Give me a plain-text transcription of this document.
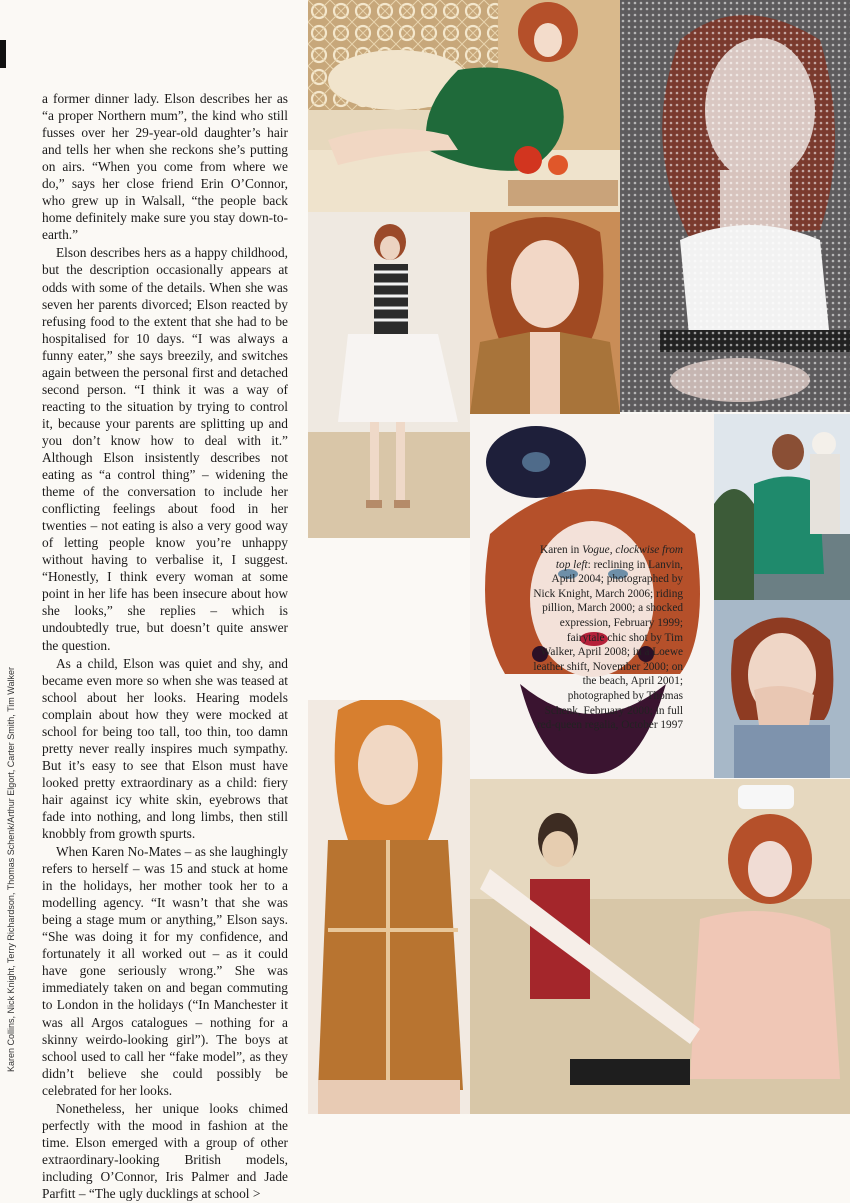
a former dinner lady. Elson describes her as “a proper Northern mum”, the kind who still fusses over her 29-year-old daughter’s hair and tells her when she reckons she’s putting on airs. “When you come from where we do,” says her close friend Erin O’Connor, who grew up in Walsall, “the people back home definitely make sure you stay down-to-earth.”

Elson describes hers as a happy childhood, but the description occasionally appears at odds with some of the details. When she was seven her parents divorced; Elson reacted by refusing food to the extent that she had to be hospitalised for 10 days. “I was always a funny eater,” she says breezily, and switches again between the personal first and detached second person. “I think it was a way of reacting to the situation by trying to control it, because your parents are splitting up and you don’t know how to deal with it.” Although Elson insistently describes not eating as “a control thing” – widening the theme of the conversation to include her conflicting feelings about food in her twenties – not eating is also a very good way of letting people know you’re unhappy without having to verbalise it, I suggest. “Honestly, I think every woman at some point in her life has been insecure about how she looks,” she replies – which is undoubtedly true, but doesn’t quite answer the question.

As a child, Elson was quiet and shy, and became even more so when she was teased at school about her looks. Hearing models complain about how they were mocked at school for being too tall, too thin, too damn pretty never really inspires much sympathy. But it’s easy to see that Elson must have looked pretty extraordinary as a child: fiery hair against icy white skin, eyebrows that fade into nothing, and long limbs, then still knobbly from growth spurts.

When Karen No-Mates – as she laughingly refers to herself – was 15 and stuck at home in the holidays, her mother took her to a modelling agency. “It wasn’t that she was being a stage mum or anything,” Elson says. “She was doing it for my confidence, and fortunately it all worked out – as it could have gone seriously wrong.” She was immediately taken on and began commuting to London in the holidays (“In Manchester it was all Argos catalogues – nothing for a skinny weirdo-looking girl”). The boys at school used to call her “fake model”, as they didn’t believe she could possibly be celebrated for her looks.

Nonetheless, her unique looks chimed perfectly with the mood in fashion at the time. Elson emerged with a group of other extraordinary-looking British models, including O’Connor, Iris Palmer and Jade Parfitt – “The ugly ducklings at school >

Karen Collins, Nick Knight, Terry Richardson, Thomas Schenk/Arthur Elgort, Carter Smith, Tim Walker
Karen in Vogue, clockwise from top left: reclining in Lanvin, April 2004; photographed by Nick Knight, March 2006; riding pillion, March 2000; a shocked expression, February 1999; fairytale chic shot by Tim Walker, April 2008; in a Loewe leather shift, November 2000; on the beach, April 2001; photographed by Thomas Schenk, February 2000; in full red-queen regalia, October 1997
